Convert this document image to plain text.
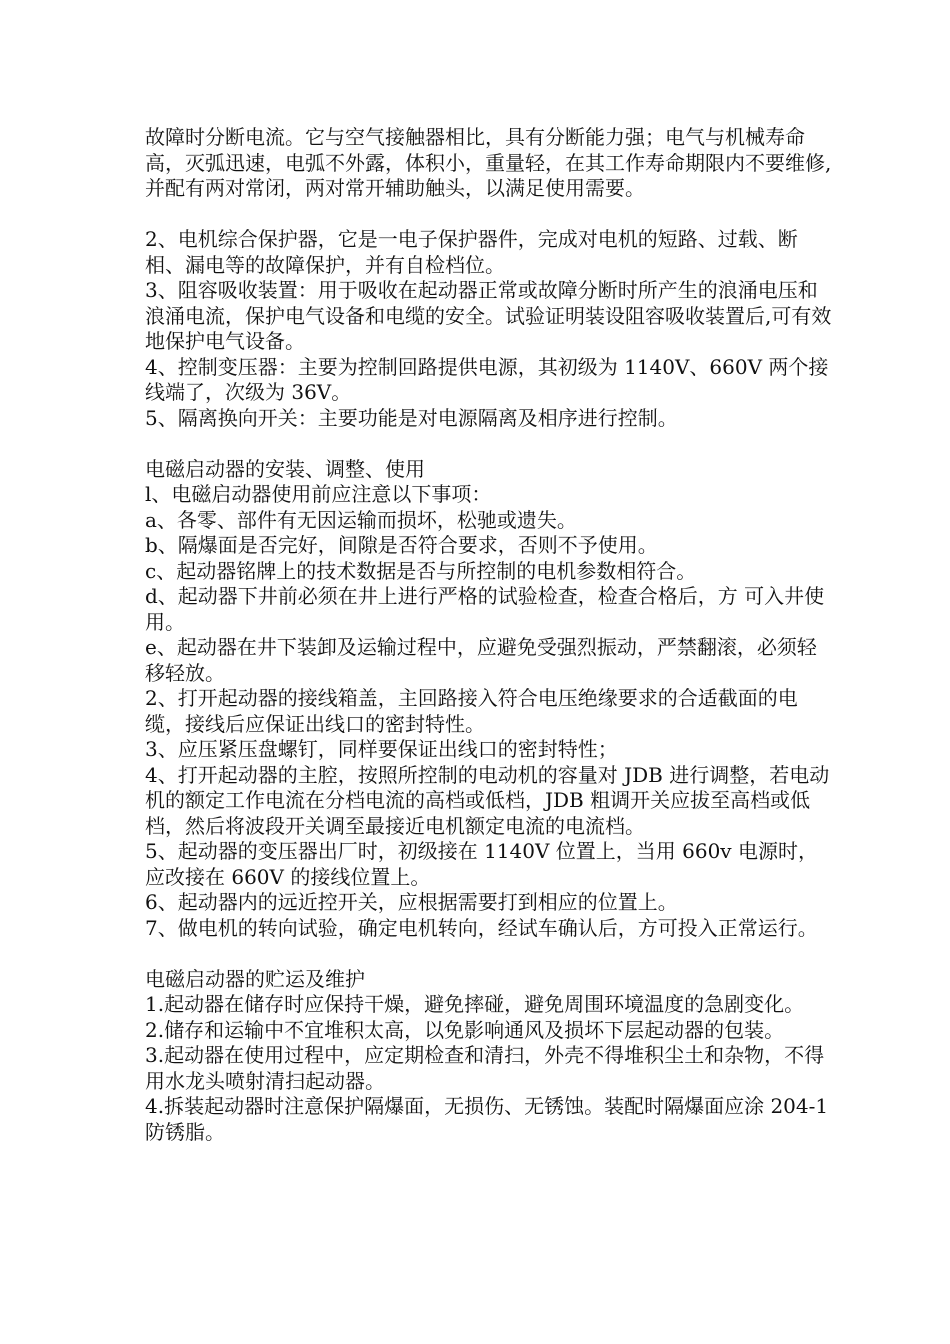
故障时分断电流。它与空气接触器相比，具有分断能力强；电气与机械寿命高，灭弧迅速，电弧不外露，体积小，重量轻，在其工作寿命期限内不要维修,并配有两对常闭，两对常开辅助触头，以满足使用需要。

2、电机综合保护器，它是一电子保护器件，完成对电机的短路、过载、断相、漏电等的故障保护，并有自检档位。

3、阻容吸收装置：用于吸收在起动器正常或故障分断时所产生的浪涌电压和浪涌电流，保护电气设备和电缆的安全。试验证明装设阻容吸收装置后,可有效地保护电气设备。

4、控制变压器：主要为控制回路提供电源，其初级为 1140V、660V 两个接线端了，次级为 36V。

5、隔离换向开关：主要功能是对电源隔离及相序进行控制。

电磁启动器的安装、调整、使用

l、电磁启动器使用前应注意以下事项：

a、各零、部件有无因运输而损坏，松驰或遗失。

b、隔爆面是否完好，间隙是否符合要求，否则不予使用。

c、起动器铭牌上的技术数据是否与所控制的电机参数相符合。

d、起动器下井前必须在井上进行严格的试验检查，检查合格后，方 可入井使用。

e、起动器在井下装卸及运输过程中，应避免受强烈振动，严禁翻滚，必须轻移轻放。

2、打开起动器的接线箱盖，主回路接入符合电压绝缘要求的合适截面的电缆，接线后应保证出线口的密封特性。

3、应压紧压盘螺钉，同样要保证出线口的密封特性；

4、打开起动器的主腔，按照所控制的电动机的容量对 JDB 进行调整，若电动机的额定工作电流在分档电流的高档或低档，JDB 粗调开关应拔至高档或低档，然后将波段开关调至最接近电机额定电流的电流档。

5、起动器的变压器出厂时，初级接在 1140V 位置上，当用 660v 电源时，应改接在 660V 的接线位置上。

6、起动器内的远近控开关，应根据需要打到相应的位置上。

7、做电机的转向试验，确定电机转向，经试车确认后，方可投入正常运行。

电磁启动器的贮运及维护

1.起动器在储存时应保持干燥，避免摔碰，避免周围环境温度的急剧变化。

2.储存和运输中不宜堆积太高，以免影响通风及损坏下层起动器的包装。

3.起动器在使用过程中，应定期检查和清扫，外壳不得堆积尘土和杂物，不得用水龙头喷射清扫起动器。

4.拆装起动器时注意保护隔爆面，无损伤、无锈蚀。装配时隔爆面应涂 204-1 防锈脂。
